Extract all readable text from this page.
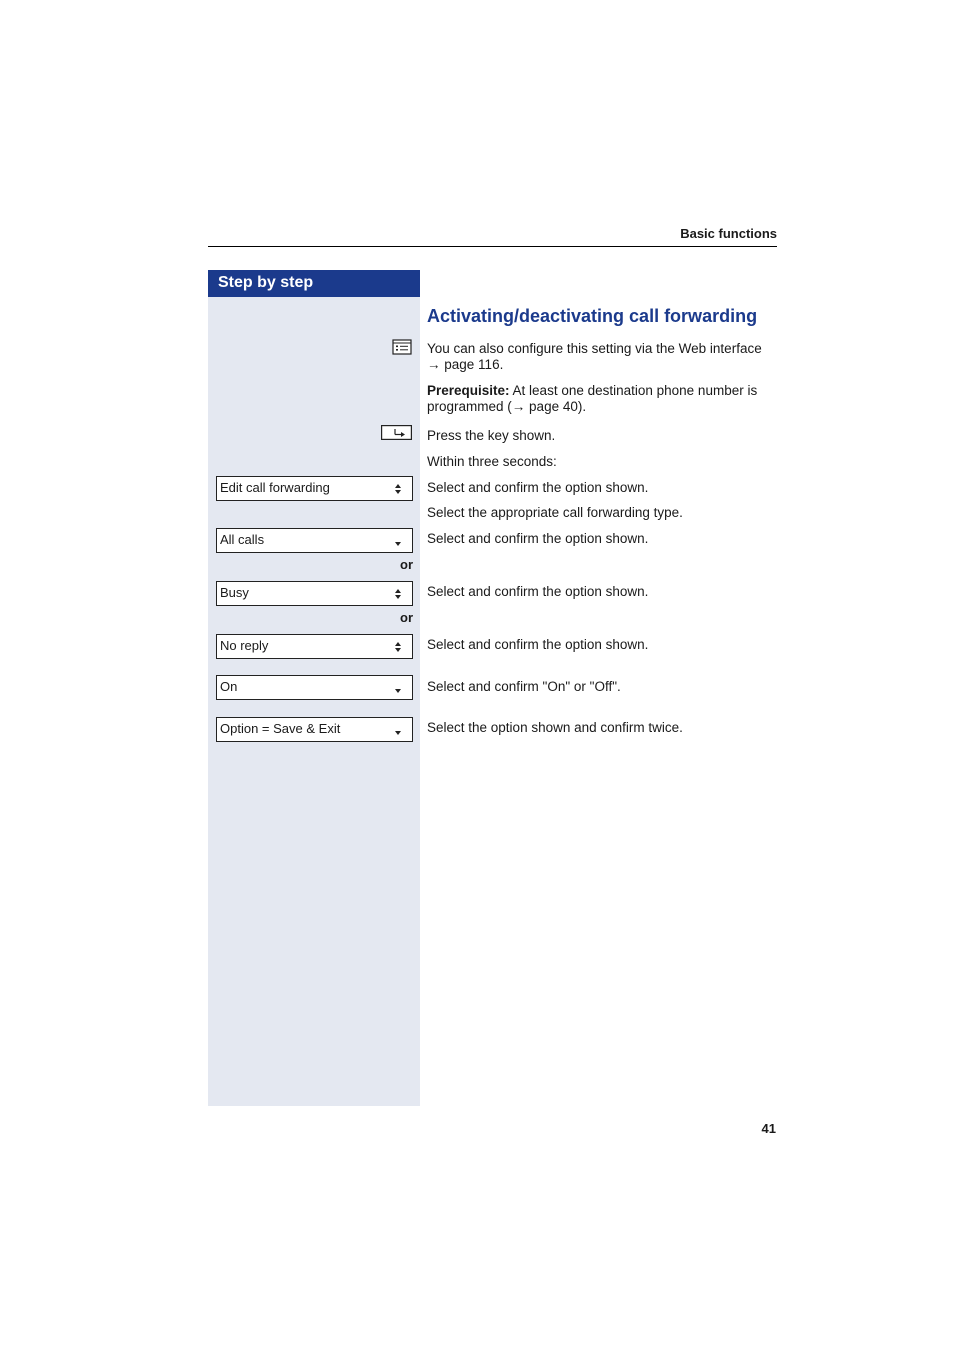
Basic functions
Step by step
Activating/deactivating call forwarding
You can also configure this setting via the Web interface
→ page 116.
Prerequisite: At least one destination phone number is
programmed (→ page 40).
Press the key shown.
Within three seconds:
Edit call forwarding	Select and confirm the option shown.
Select the appropriate call forwarding type.
All calls	Select and confirm the option shown.
or
Busy	Select and confirm the option shown.
or
No reply	Select and confirm the option shown.
On	Select and confirm "On" or "Off".
Option = Save & Exit	Select the option shown and confirm twice.
41
